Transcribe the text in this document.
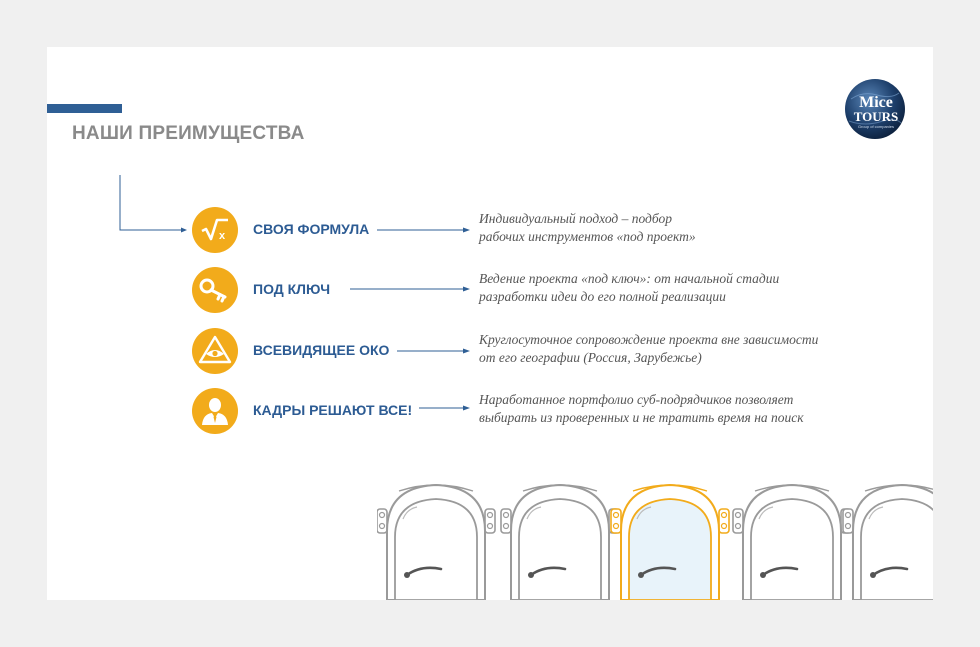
НАШИ ПРЕИМУЩЕСТВА
Mice
TOURS
Group of companies
x СВОЯ ФОРМУЛА
Индивидуальный подход – подбор
рабочих инструментов «под проект»
ПОД КЛЮЧ
Ведение проекта «под ключ»: от начальной стадии
разработки идеи до его полной реализации
ВСЕВИДЯЩЕЕ ОКО
Круглосуточное сопровождение проекта вне зависимости
от его географии (Россия, Зарубежье)
КАДРЫ РЕШАЮТ ВСЕ!
Наработанное портфолио суб-подрядчиков позволяет
выбирать из проверенных и не тратить время на поиск
